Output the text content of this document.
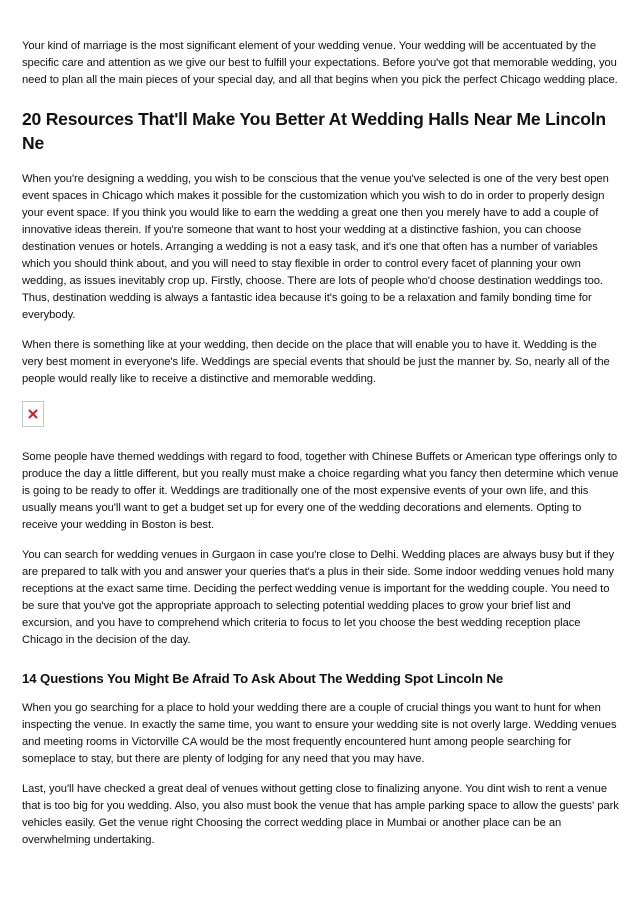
Your kind of marriage is the most significant element of your wedding venue. Your wedding will be accentuated by the specific care and attention as we give our best to fulfill your expectations. Before you've got that memorable wedding, you need to plan all the main pieces of your special day, and all that begins when you pick the perfect Chicago wedding place.

20 Resources That'll Make You Better At Wedding Halls Near Me Lincoln Ne

When you're designing a wedding, you wish to be conscious that the venue you've selected is one of the very best open event spaces in Chicago which makes it possible for the customization which you wish to do in order to properly design your event space. If you think you would like to earn the wedding a great one then you merely have to add a couple of innovative ideas therein. If you're someone that want to host your wedding at a distinctive fashion, you can choose destination venues or hotels. Arranging a wedding is not a easy task, and it's one that often has a number of variables which you should think about, and you will need to stay flexible in order to control every facet of planning your own wedding, as issues inevitably crop up. Firstly, choose. There are lots of people who'd choose destination weddings too. Thus, destination wedding is always a fantastic idea because it's going to be a relaxation and family bonding time for everybody.

When there is something like at your wedding, then decide on the place that will enable you to have it. Wedding is the very best moment in everyone's life. Weddings are special events that should be just the manner by. So, nearly all of the people would really like to receive a distinctive and memorable wedding.

Some people have themed weddings with regard to food, together with Chinese Buffets or American type offerings only to produce the day a little different, but you really must make a choice regarding what you fancy then determine which venue is going to be ready to offer it. Weddings are traditionally one of the most expensive events of your own life, and this usually means you'll want to get a budget set up for every one of the wedding decorations and elements. Opting to receive your wedding in Boston is best.

You can search for wedding venues in Gurgaon in case you're close to Delhi. Wedding places are always busy but if they are prepared to talk with you and answer your queries that's a plus in their side. Some indoor wedding venues hold many receptions at the exact same time. Deciding the perfect wedding venue is important for the wedding couple. You need to be sure that you've got the appropriate approach to selecting potential wedding places to grow your brief list and excursion, and you have to comprehend which criteria to focus to let you choose the best wedding reception place Chicago in the decision of the day.

14 Questions You Might Be Afraid To Ask About The Wedding Spot Lincoln Ne

When you go searching for a place to hold your wedding there are a couple of crucial things you want to hunt for when inspecting the venue. In exactly the same time, you want to ensure your wedding site is not overly large. Wedding venues and meeting rooms in Victorville CA would be the most frequently encountered hunt among people searching for someplace to stay, but there are plenty of lodging for any need that you may have.

Last, you'll have checked a great deal of venues without getting close to finalizing anyone. You dint wish to rent a venue that is too big for you wedding. Also, you also must book the venue that has ample parking space to allow the guests' park vehicles easily. Get the venue right Choosing the correct wedding place in Mumbai or another place can be an overwhelming undertaking.
